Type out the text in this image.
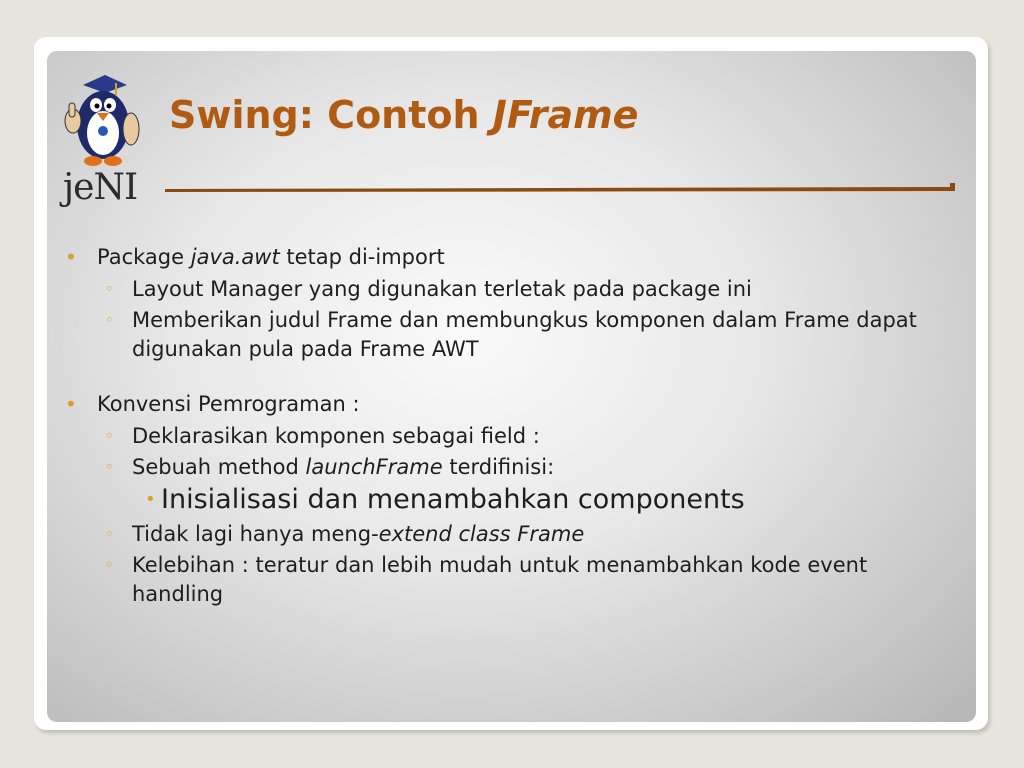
jeNI
Swing: Contoh JFrame
• Package java.awt tetap di-import
◦ Layout Manager yang digunakan terletak pada package ini
◦ Memberikan judul Frame dan membungkus komponen dalam Frame dapat digunakan pula pada Frame AWT
• Konvensi Pemrograman :
◦ Deklarasikan komponen sebagai field :
◦ Sebuah method launchFrame terdifinisi:
• Inisialisasi dan menambahkan components
◦ Tidak lagi hanya meng-extend class Frame
◦ Kelebihan : teratur dan lebih mudah untuk menambahkan kode event handling
